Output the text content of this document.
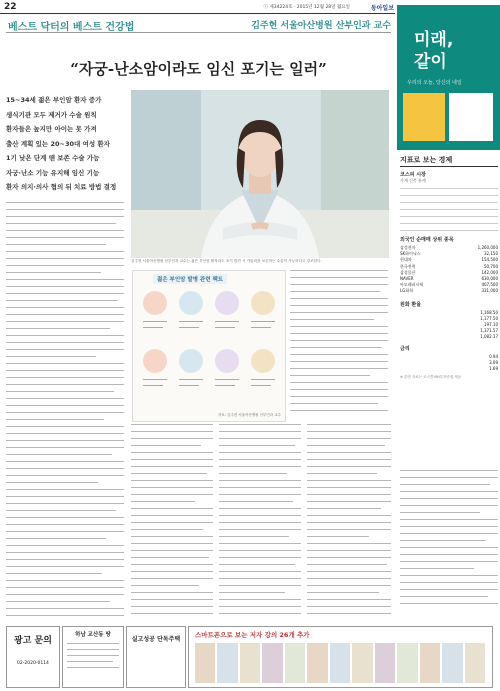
22	ⓒ 제34224호 · 2015년 12월 28일 월요일	동아일보
베스트 닥터의 베스트 건강법	김주현 서울아산병원 산부인과 교수
“자궁-난소암이라도 임신 포기는 일러”
15∼34세 젊은 부인암 환자 증가
생식기관 모두 제거가 수술 원칙
환자들은 높지만 아이는 못 가져
출산 계획 있는 20∼30대 여성 환자
1기 낮은 단계 땐 보존 수술 가능
자궁·난소 기능 유지해 임신 기능
환자 의지·의사 협의 뒤 치료 방법 결정
김주현 서울아산병원 산부인과 교수는 젊은 부인암 환자라도 조기 발견 시 가임력을 보존하는 수술이 가능하다고 강조한다.
젊은 부인암 발병 관련 팩트
자료: 김주현 서울아산병원 산부인과 교수
미래,
같이
우리의 오늘, 당신의 내일
지표로 보는 경제
코스피 시장
가계 신축 통계
외국인 순매매 상위 종목
삼성전자	1,260,000
SK하이닉스	32,150
현대차	154,500
한국전력	50,700
삼성물산	142,000
NAVER	630,000
아모레퍼시픽	407,500
LG화학	331,000
원화 환율
1,168.50
1,177.50
197.10
1,371.57
1,082.17
금리
0.94
3.09
1.69
※ 본면 자료는 코스콤·NH투자증권 제공
광고 문의
02-2020-0114
하남 교산동 땅
실고성공 단독주택
스마트폰으로 보는 저자 강의 26개 추가
